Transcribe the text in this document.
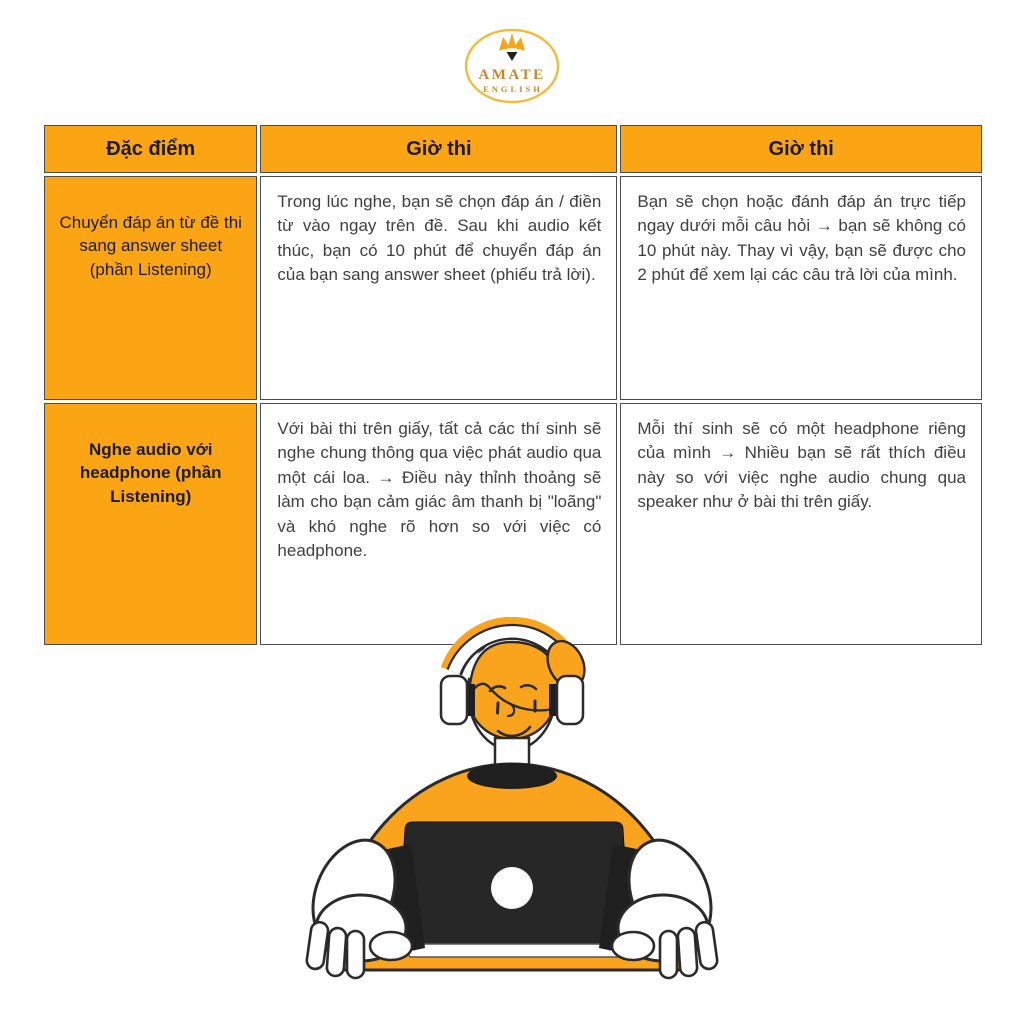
AMATE
ENGLISH
Đặc điểm	Giờ thi	Giờ thi
Chuyển đáp án từ đề thi sang answer sheet (phần Listening)	Trong lúc nghe, bạn sẽ chọn đáp án / điền từ vào ngay trên đề. Sau khi audio kết thúc, bạn có 10 phút để chuyển đáp án của bạn sang answer sheet (phiếu trả lời).	Bạn sẽ chọn hoặc đánh đáp án trực tiếp ngay dưới mỗi câu hỏi → bạn sẽ không có 10 phút này. Thay vì vậy, bạn sẽ được cho 2 phút để xem lại các câu trả lời của mình.
Nghe audio với headphone (phần Listening)	Với bài thi trên giấy, tất cả các thí sinh sẽ nghe chung thông qua việc phát audio qua một cái loa. → Điều này thỉnh thoảng sẽ làm cho bạn cảm giác âm thanh bị "loãng" và khó nghe rõ hơn so với việc có headphone.	Mỗi thí sinh sẽ có một headphone riêng của mình → Nhiều bạn sẽ rất thích điều này so với việc nghe audio chung qua speaker như ở bài thi trên giấy.
